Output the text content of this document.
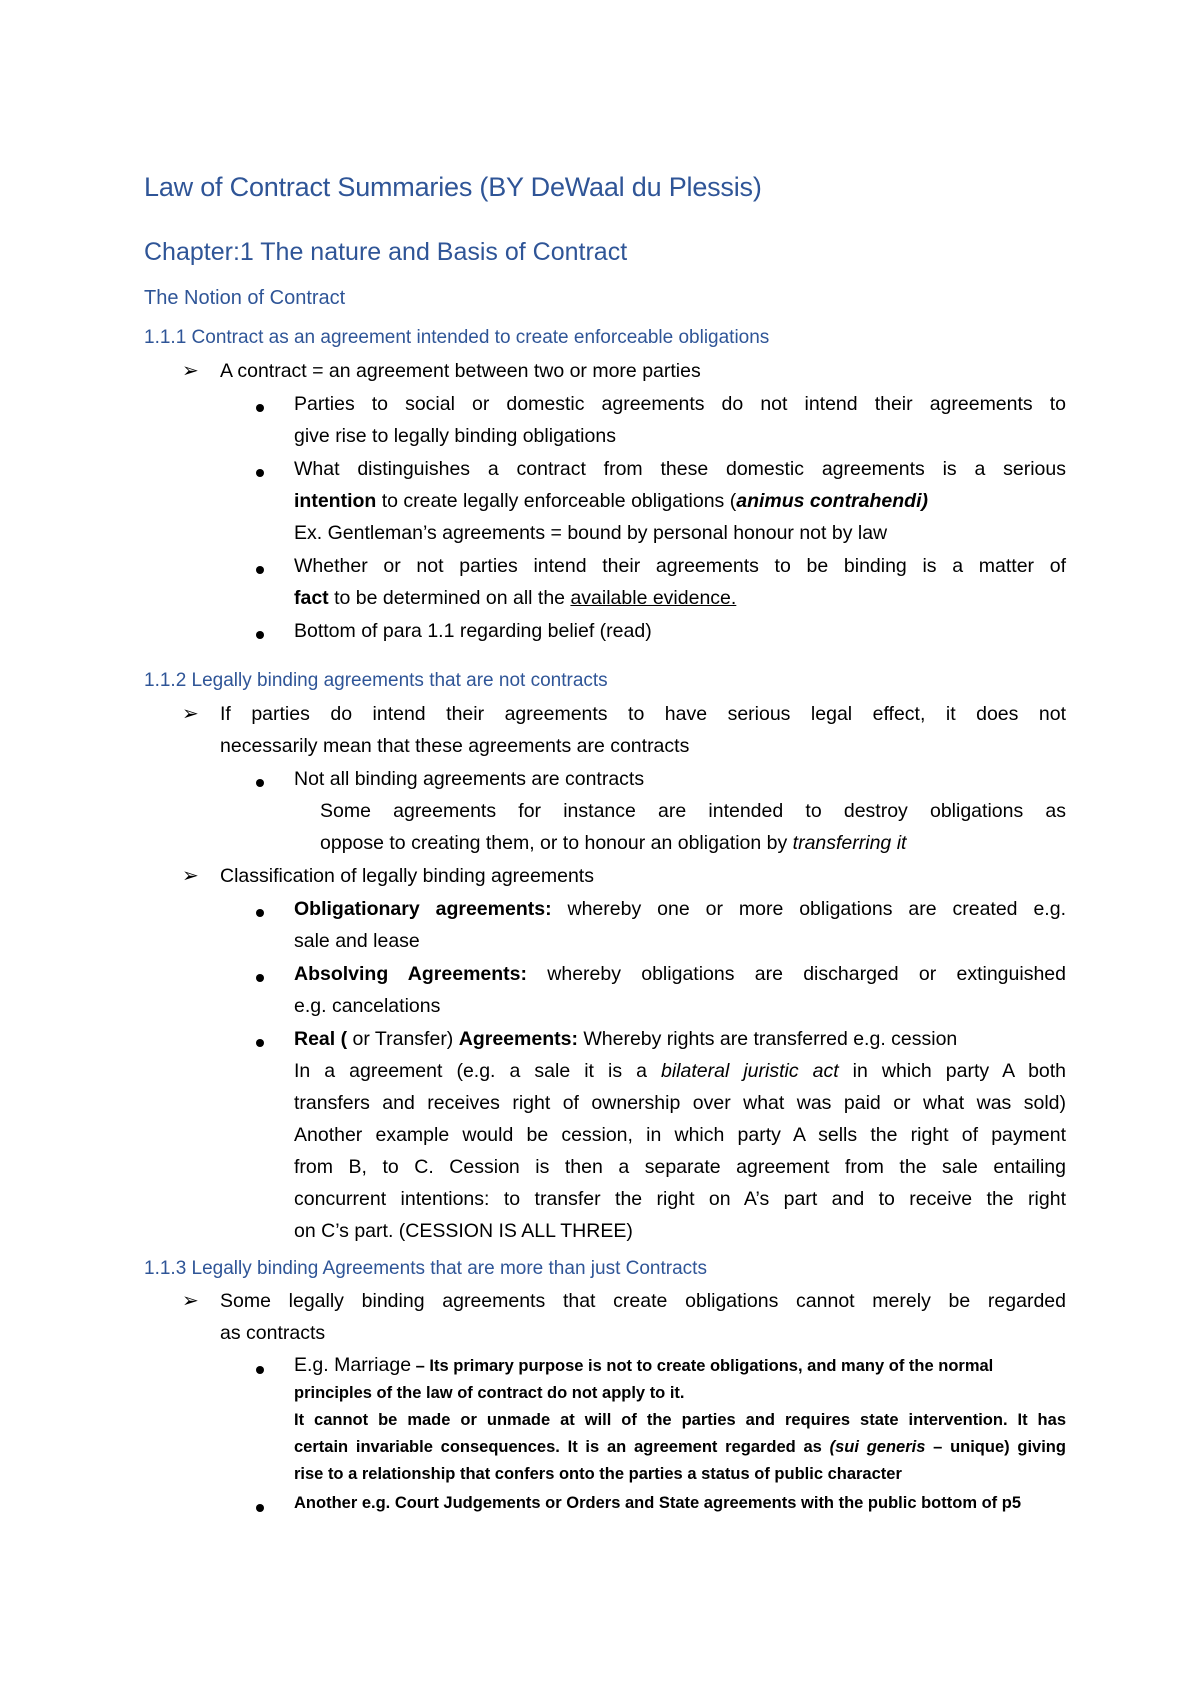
Law of Contract Summaries (BY DeWaal du Plessis)
Chapter:1 The nature and Basis of Contract
The Notion of Contract
1.1.1 Contract as an agreement intended to create enforceable obligations
➢ A contract = an agreement between two or more parties
Parties to social or domestic agreements do not intend their agreements to
give rise to legally binding obligations
What distinguishes a contract from these domestic agreements is a serious
intention to create legally enforceable obligations (animus contrahendi)
Ex. Gentleman’s agreements = bound by personal honour not by law
Whether or not parties intend their agreements to be binding is a matter of
fact to be determined on all the available evidence.
Bottom of para 1.1 regarding belief (read)
1.1.2 Legally binding agreements that are not contracts
➢ If parties do intend their agreements to have serious legal effect, it does not
necessarily mean that these agreements are contracts
Not all binding agreements are contracts
Some agreements for instance are intended to destroy obligations as
oppose to creating them, or to honour an obligation by transferring it
➢ Classification of legally binding agreements
Obligationary agreements: whereby one or more obligations are created e.g.
sale and lease
Absolving Agreements: whereby obligations are discharged or extinguished
e.g. cancelations
Real ( or Transfer) Agreements: Whereby rights are transferred e.g. cession
In a agreement (e.g. a sale it is a bilateral juristic act in which party A both
transfers and receives right of ownership over what was paid or what was sold)
Another example would be cession, in which party A sells the right of payment
from B, to C. Cession is then a separate agreement from the sale entailing
concurrent intentions: to transfer the right on A’s part and to receive the right
on C’s part. (CESSION IS ALL THREE)
1.1.3 Legally binding Agreements that are more than just Contracts
➢ Some legally binding agreements that create obligations cannot merely be regarded
as contracts
E.g. Marriage – Its primary purpose is not to create obligations, and many of the normal
principles of the law of contract do not apply to it.
It cannot be made or unmade at will of the parties and requires state intervention. It has
certain invariable consequences. It is an agreement regarded as (sui generis – unique) giving
rise to a relationship that confers onto the parties a status of public character
Another e.g. Court Judgements or Orders and State agreements with the public bottom of p5
